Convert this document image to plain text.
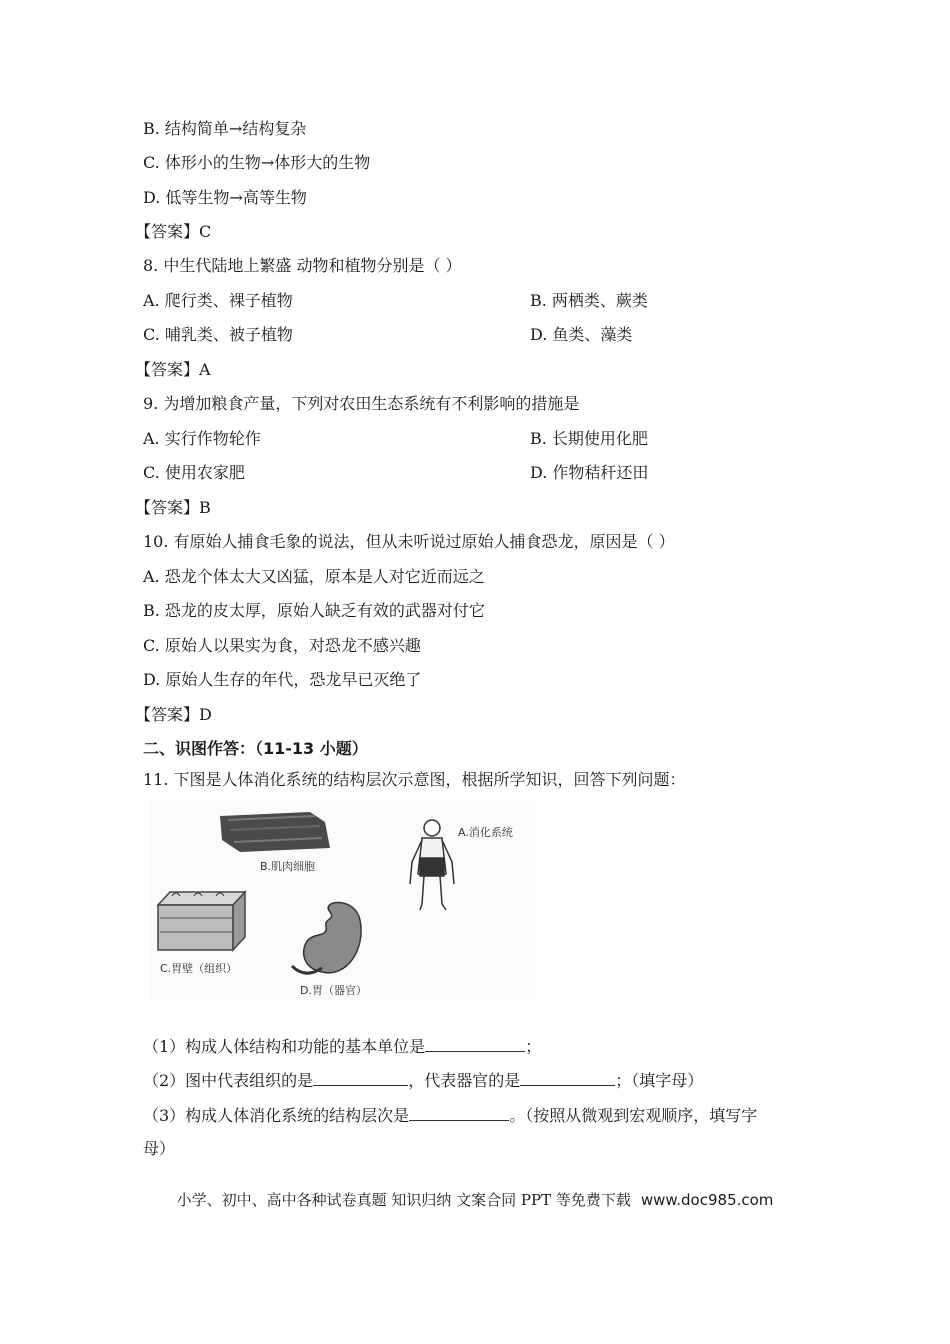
B. 结构简单→结构复杂
C. 体形小的生物→体形大的生物
D. 低等生物→高等生物
【答案】C
8. 中生代陆地上繁盛 动物和植物分别是（ ）
A. 爬行类、裸子植物	B. 两栖类、蕨类
C. 哺乳类、被子植物	D. 鱼类、藻类
【答案】A
9. 为增加粮食产量，下列对农田生态系统有不利影响的措施是
A. 实行作物轮作	B. 长期使用化肥
C. 使用农家肥	D. 作物秸秆还田
【答案】B
10. 有原始人捕食毛象的说法，但从未听说过原始人捕食恐龙，原因是（ ）
A. 恐龙个体太大又凶猛，原本是人对它近而远之
B. 恐龙的皮太厚，原始人缺乏有效的武器对付它
C. 原始人以果实为食，对恐龙不感兴趣
D. 原始人生存的年代，恐龙早已灭绝了
【答案】D
二、识图作答：（11-13 小题）
11. 下图是人体消化系统的结构层次示意图，根据所学知识，回答下列问题：
A.消化系统
B.肌肉细胞
C.胃壁（组织）
D.胃（器官）
（1）构成人体结构和功能的基本单位是	；
（2）图中代表组织的是	，代表器官的是	；（填字母）
（3）构成人体消化系统的结构层次是	。（按照从微观到宏观顺序，填写字
母）
小学、初中、高中各种试卷真题 知识归纳 文案合同 PPT 等免费下载 www.doc985.com
